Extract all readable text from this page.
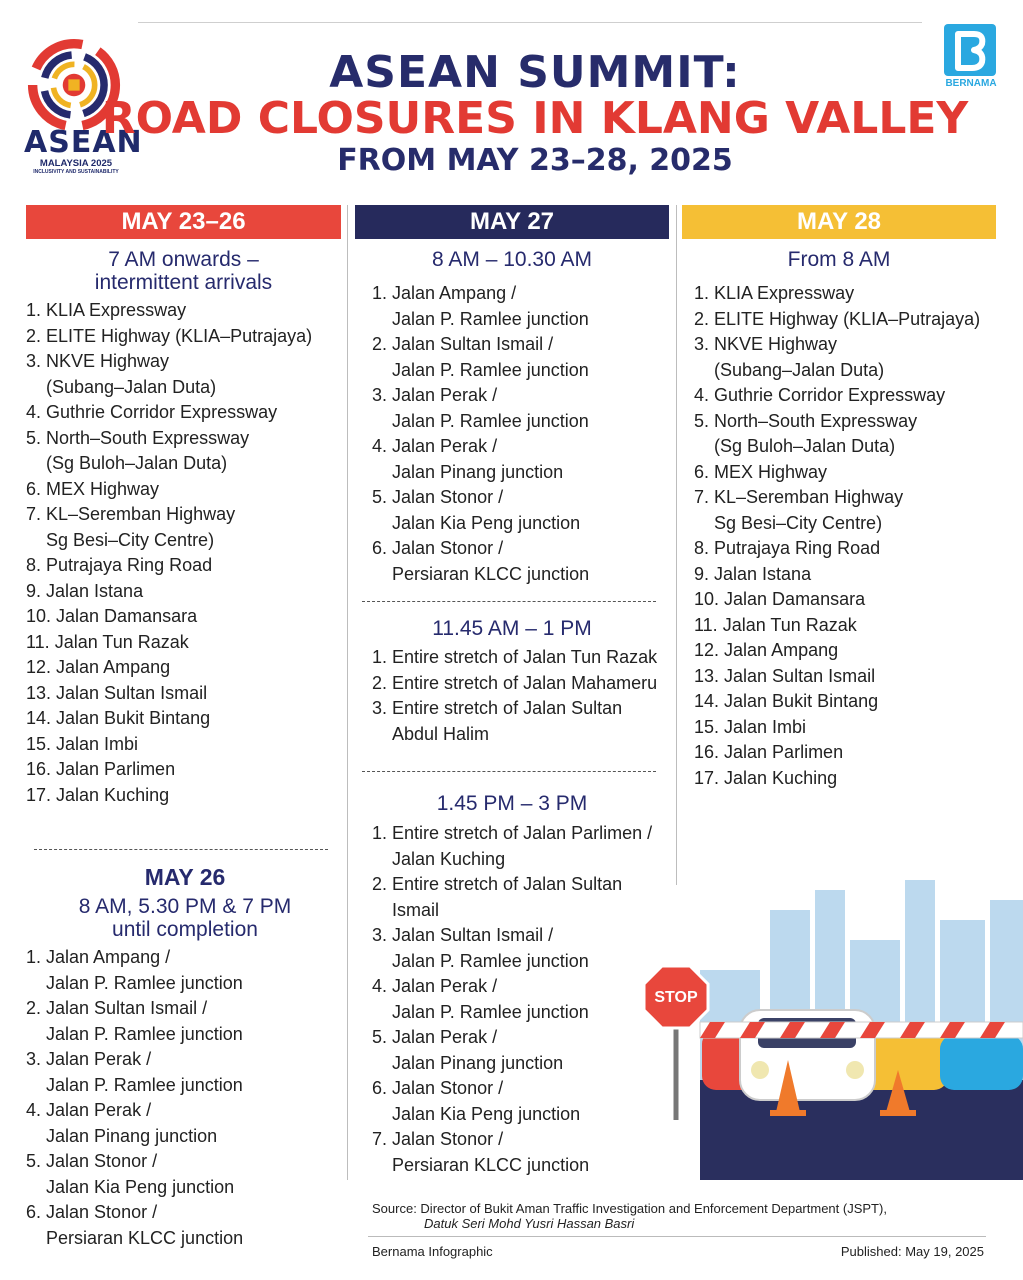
ASEAN
MALAYSIA 2025
INCLUSIVITY AND SUSTAINABILITY
ASEAN SUMMIT:
ROAD CLOSURES IN KLANG VALLEY
FROM MAY 23–28, 2025
BERNAMA
MAY 23–26	MAY 27	MAY 28
7 AM onwards –
intermittent arrivals
1. KLIA Expressway
2. ELITE Highway (KLIA–Putrajaya)
3. NKVE Highway
(Subang–Jalan Duta)
4. Guthrie Corridor Expressway
5. North–South Expressway
(Sg Buloh–Jalan Duta)
6. MEX Highway
7. KL–Seremban Highway
Sg Besi–City Centre)
8. Putrajaya Ring Road
9. Jalan Istana
10. Jalan Damansara
11. Jalan Tun Razak
12. Jalan Ampang
13. Jalan Sultan Ismail
14. Jalan Bukit Bintang
15. Jalan Imbi
16. Jalan Parlimen
17. Jalan Kuching
MAY 26
8 AM, 5.30 PM & 7 PM
until completion
1. Jalan Ampang /
Jalan P. Ramlee junction
2. Jalan Sultan Ismail /
Jalan P. Ramlee junction
3. Jalan Perak /
Jalan P. Ramlee junction
4. Jalan Perak /
Jalan Pinang junction
5. Jalan Stonor /
Jalan Kia Peng junction
6. Jalan Stonor /
Persiaran KLCC junction
8 AM – 10.30 AM
1. Jalan Ampang /
Jalan P. Ramlee junction
2. Jalan Sultan Ismail /
Jalan P. Ramlee junction
3. Jalan Perak /
Jalan P. Ramlee junction
4. Jalan Perak /
Jalan Pinang junction
5. Jalan Stonor /
Jalan Kia Peng junction
6. Jalan Stonor /
Persiaran KLCC junction
11.45 AM – 1 PM
1. Entire stretch of Jalan Tun Razak
2. Entire stretch of Jalan Mahameru
3. Entire stretch of Jalan Sultan
Abdul Halim
1.45 PM – 3 PM
1. Entire stretch of Jalan Parlimen /
Jalan Kuching
2. Entire stretch of Jalan Sultan
Ismail
3. Jalan Sultan Ismail /
Jalan P. Ramlee junction
4. Jalan Perak /
Jalan P. Ramlee junction
5. Jalan Perak /
Jalan Pinang junction
6. Jalan Stonor /
Jalan Kia Peng junction
7. Jalan Stonor /
Persiaran KLCC junction
From 8 AM
1. KLIA Expressway
2. ELITE Highway (KLIA–Putrajaya)
3. NKVE Highway
(Subang–Jalan Duta)
4. Guthrie Corridor Expressway
5. North–South Expressway
(Sg Buloh–Jalan Duta)
6. MEX Highway
7. KL–Seremban Highway
Sg Besi–City Centre)
8. Putrajaya Ring Road
9. Jalan Istana
10. Jalan Damansara
11. Jalan Tun Razak
12. Jalan Ampang
13. Jalan Sultan Ismail
14. Jalan Bukit Bintang
15. Jalan Imbi
16. Jalan Parlimen
17. Jalan Kuching
STOP
Source: Director of Bukit Aman Traffic Investigation and Enforcement Department (JSPT),
Datuk Seri Mohd Yusri Hassan Basri
Bernama Infographic	Published: May 19, 2025
